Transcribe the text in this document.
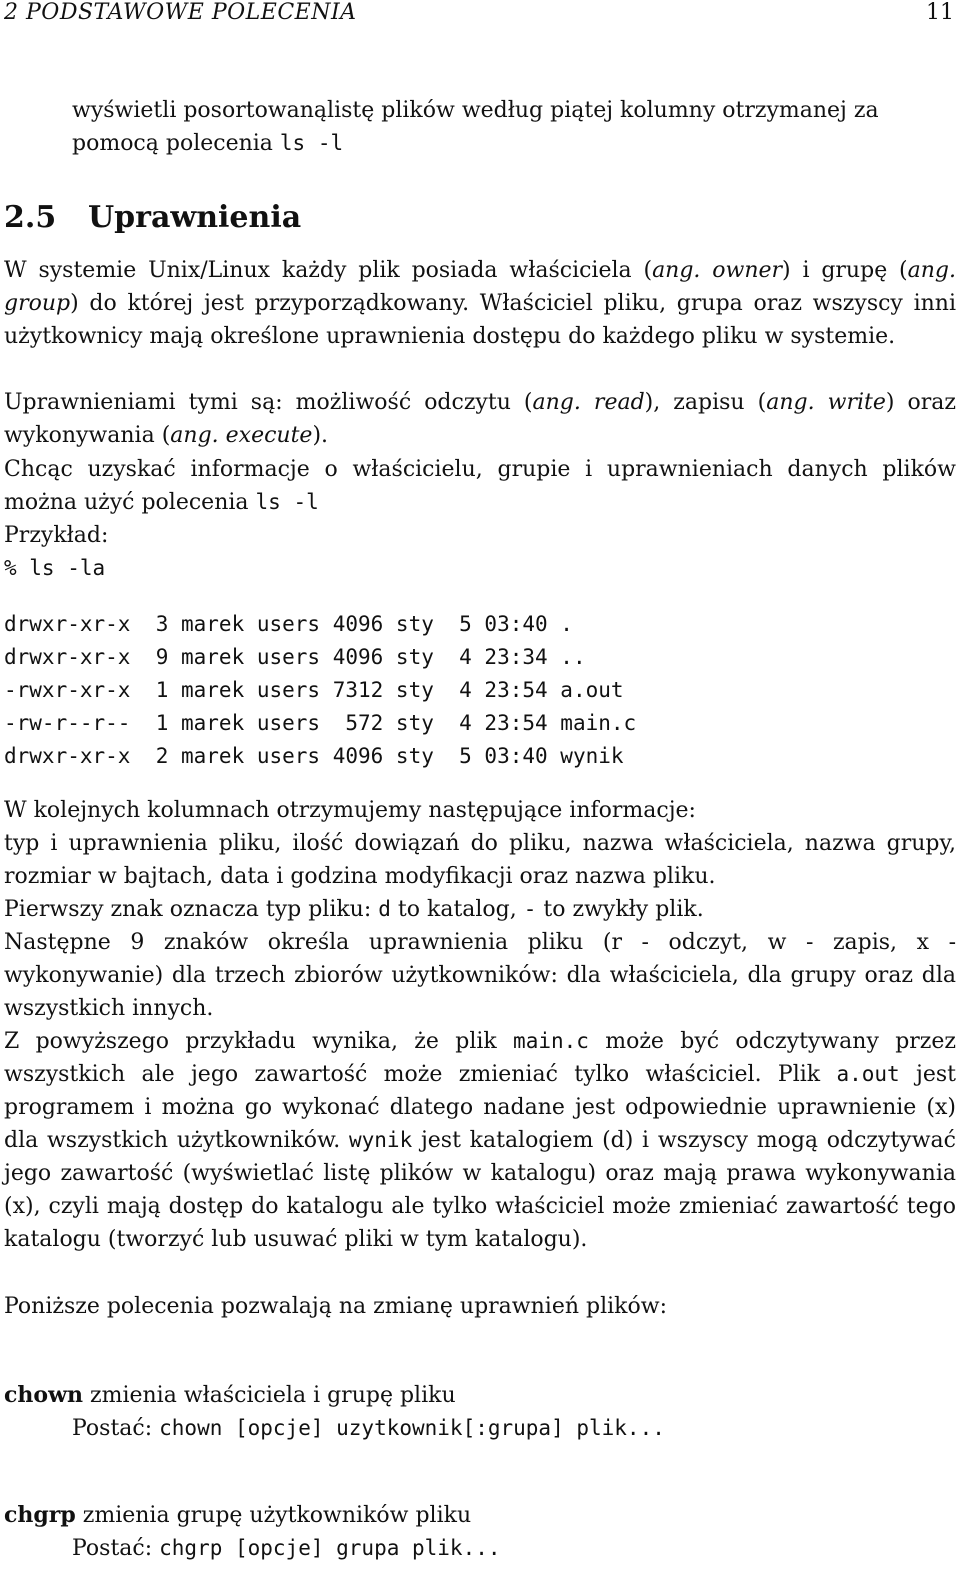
2 PODSTAWOWE POLECENIA	11
wyświetli posortowanąlistę plików według piątej kolumny otrzymanej za
pomocą polecenia ls -l
2.5 Uprawnienia
W systemie Unix/Linux każdy plik posiada właściciela (ang. owner) i grupę (ang. group) do której jest przyporządkowany. Właściciel pliku, grupa oraz wszyscy inni użytkownicy mają określone uprawnienia dostępu do każdego pliku w systemie.
Uprawnieniami tymi są: możliwość odczytu (ang. read), zapisu (ang. write) oraz wykonywania (ang. execute).
Chcąc uzyskać informacje o właścicielu, grupie i uprawnieniach danych plików można użyć polecenia ls -l
Przykład:
% ls -la
drwxr-xr-x  3 marek users 4096 sty  5 03:40 .
drwxr-xr-x  9 marek users 4096 sty  4 23:34 ..
-rwxr-xr-x  1 marek users 7312 sty  4 23:54 a.out
-rw-r--r--  1 marek users  572 sty  4 23:54 main.c
drwxr-xr-x  2 marek users 4096 sty  5 03:40 wynik
W kolejnych kolumnach otrzymujemy następujące informacje:
typ i uprawnienia pliku, ilość dowiązań do pliku, nazwa właściciela, nazwa grupy, rozmiar w bajtach, data i godzina modyfikacji oraz nazwa pliku.
Pierwszy znak oznacza typ pliku: d to katalog, - to zwykły plik.
Następne 9 znaków określa uprawnienia pliku (r - odczyt, w - zapis, x - wykonywanie) dla trzech zbiorów użytkowników: dla właściciela, dla grupy oraz dla wszystkich innych.
Z powyższego przykładu wynika, że plik main.c może być odczytywany przez wszystkich ale jego zawartość może zmieniać tylko właściciel. Plik a.out jest programem i można go wykonać dlatego nadane jest odpowiednie uprawnienie (x) dla wszystkich użytkowników. wynik jest katalogiem (d) i wszyscy mogą odczytywać jego zawartość (wyświetlać listę plików w katalogu) oraz mają prawa wykonywania (x), czyli mają dostęp do katalogu ale tylko właściciel może zmieniać zawartość tego katalogu (tworzyć lub usuwać pliki w tym katalogu).
Poniższe polecenia pozwalają na zmianę uprawnień plików:
chown zmienia właściciela i grupę pliku
Postać: chown [opcje] uzytkownik[:grupa] plik...
chgrp zmienia grupę użytkowników pliku
Postać: chgrp [opcje] grupa plik...
